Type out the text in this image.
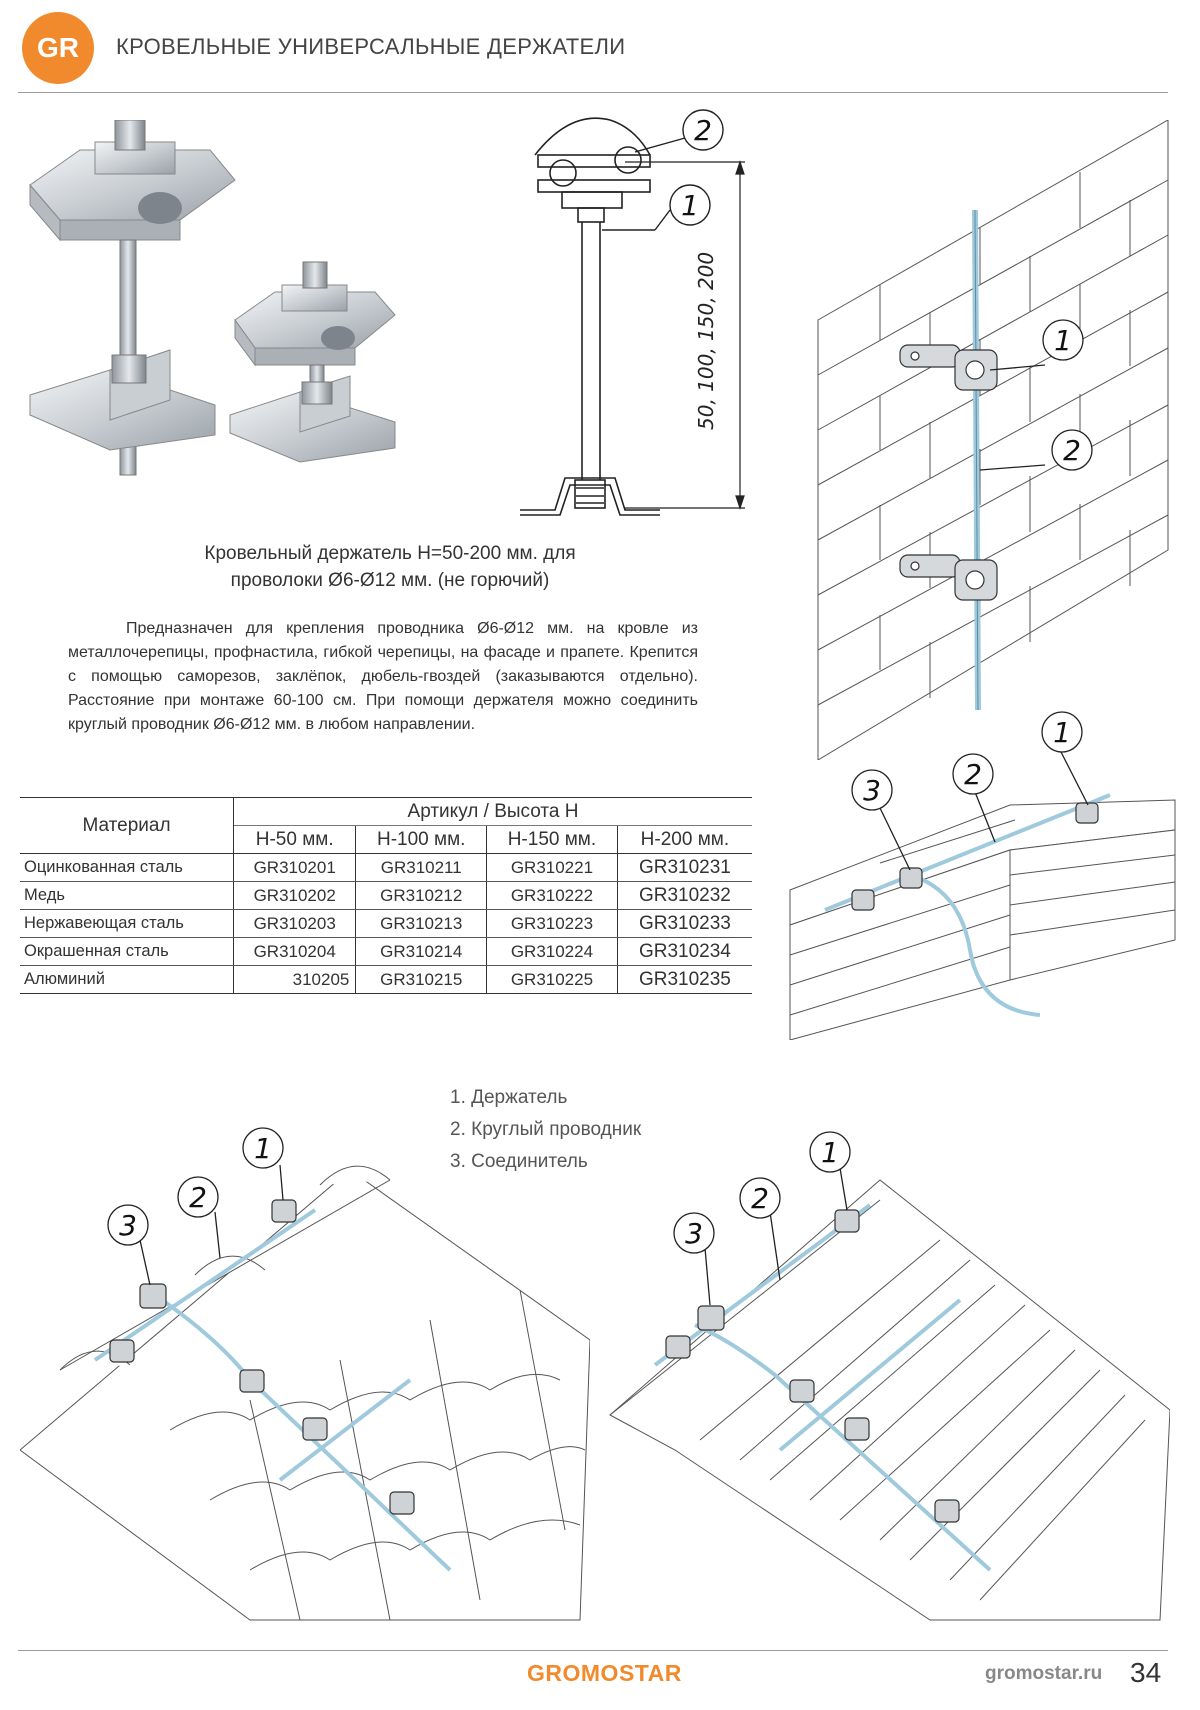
GR КРОВЕЛЬНЫЕ УНИВЕРСАЛЬНЫЕ ДЕРЖАТЕЛИ
50, 100, 150, 200
2
1
1
2
3	2
1
Кровельный держатель Н=50-200 мм. для
проволоки Ø6-Ø12 мм. (не горючий)
Предназначен для крепления проводника Ø6-Ø12 мм. на кровле из металлочерепицы, профнастила, гибкой черепицы, на фасаде и прапете. Крепится с помощью саморезов, заклёпок, дюбель-гвоздей (заказываются отдельно). Расстояние при монтаже 60-100 см. При помощи держателя можно соединить круглый проводник Ø6-Ø12 мм. в любом направлении.
Материал	Артикул / Высота Н			
	Н-50 мм.	Н-100 мм.	Н-150 мм.	Н-200 мм.
Оцинкованная сталь	GR310201	GR310211	GR310221	GR310231
Медь	GR310202	GR310212	GR310222	GR310232
Нержавеющая сталь	GR310203	GR310213	GR310223	GR310233
Окрашенная сталь	GR310204	GR310214	GR310224	GR310234
Алюминий	310205	GR310215	GR310225	GR310235
1. Держатель
2. Круглый проводник
3. Соединитель
3
2
1
3
2
1
GROMOSTAR	gromostar.ru 34
